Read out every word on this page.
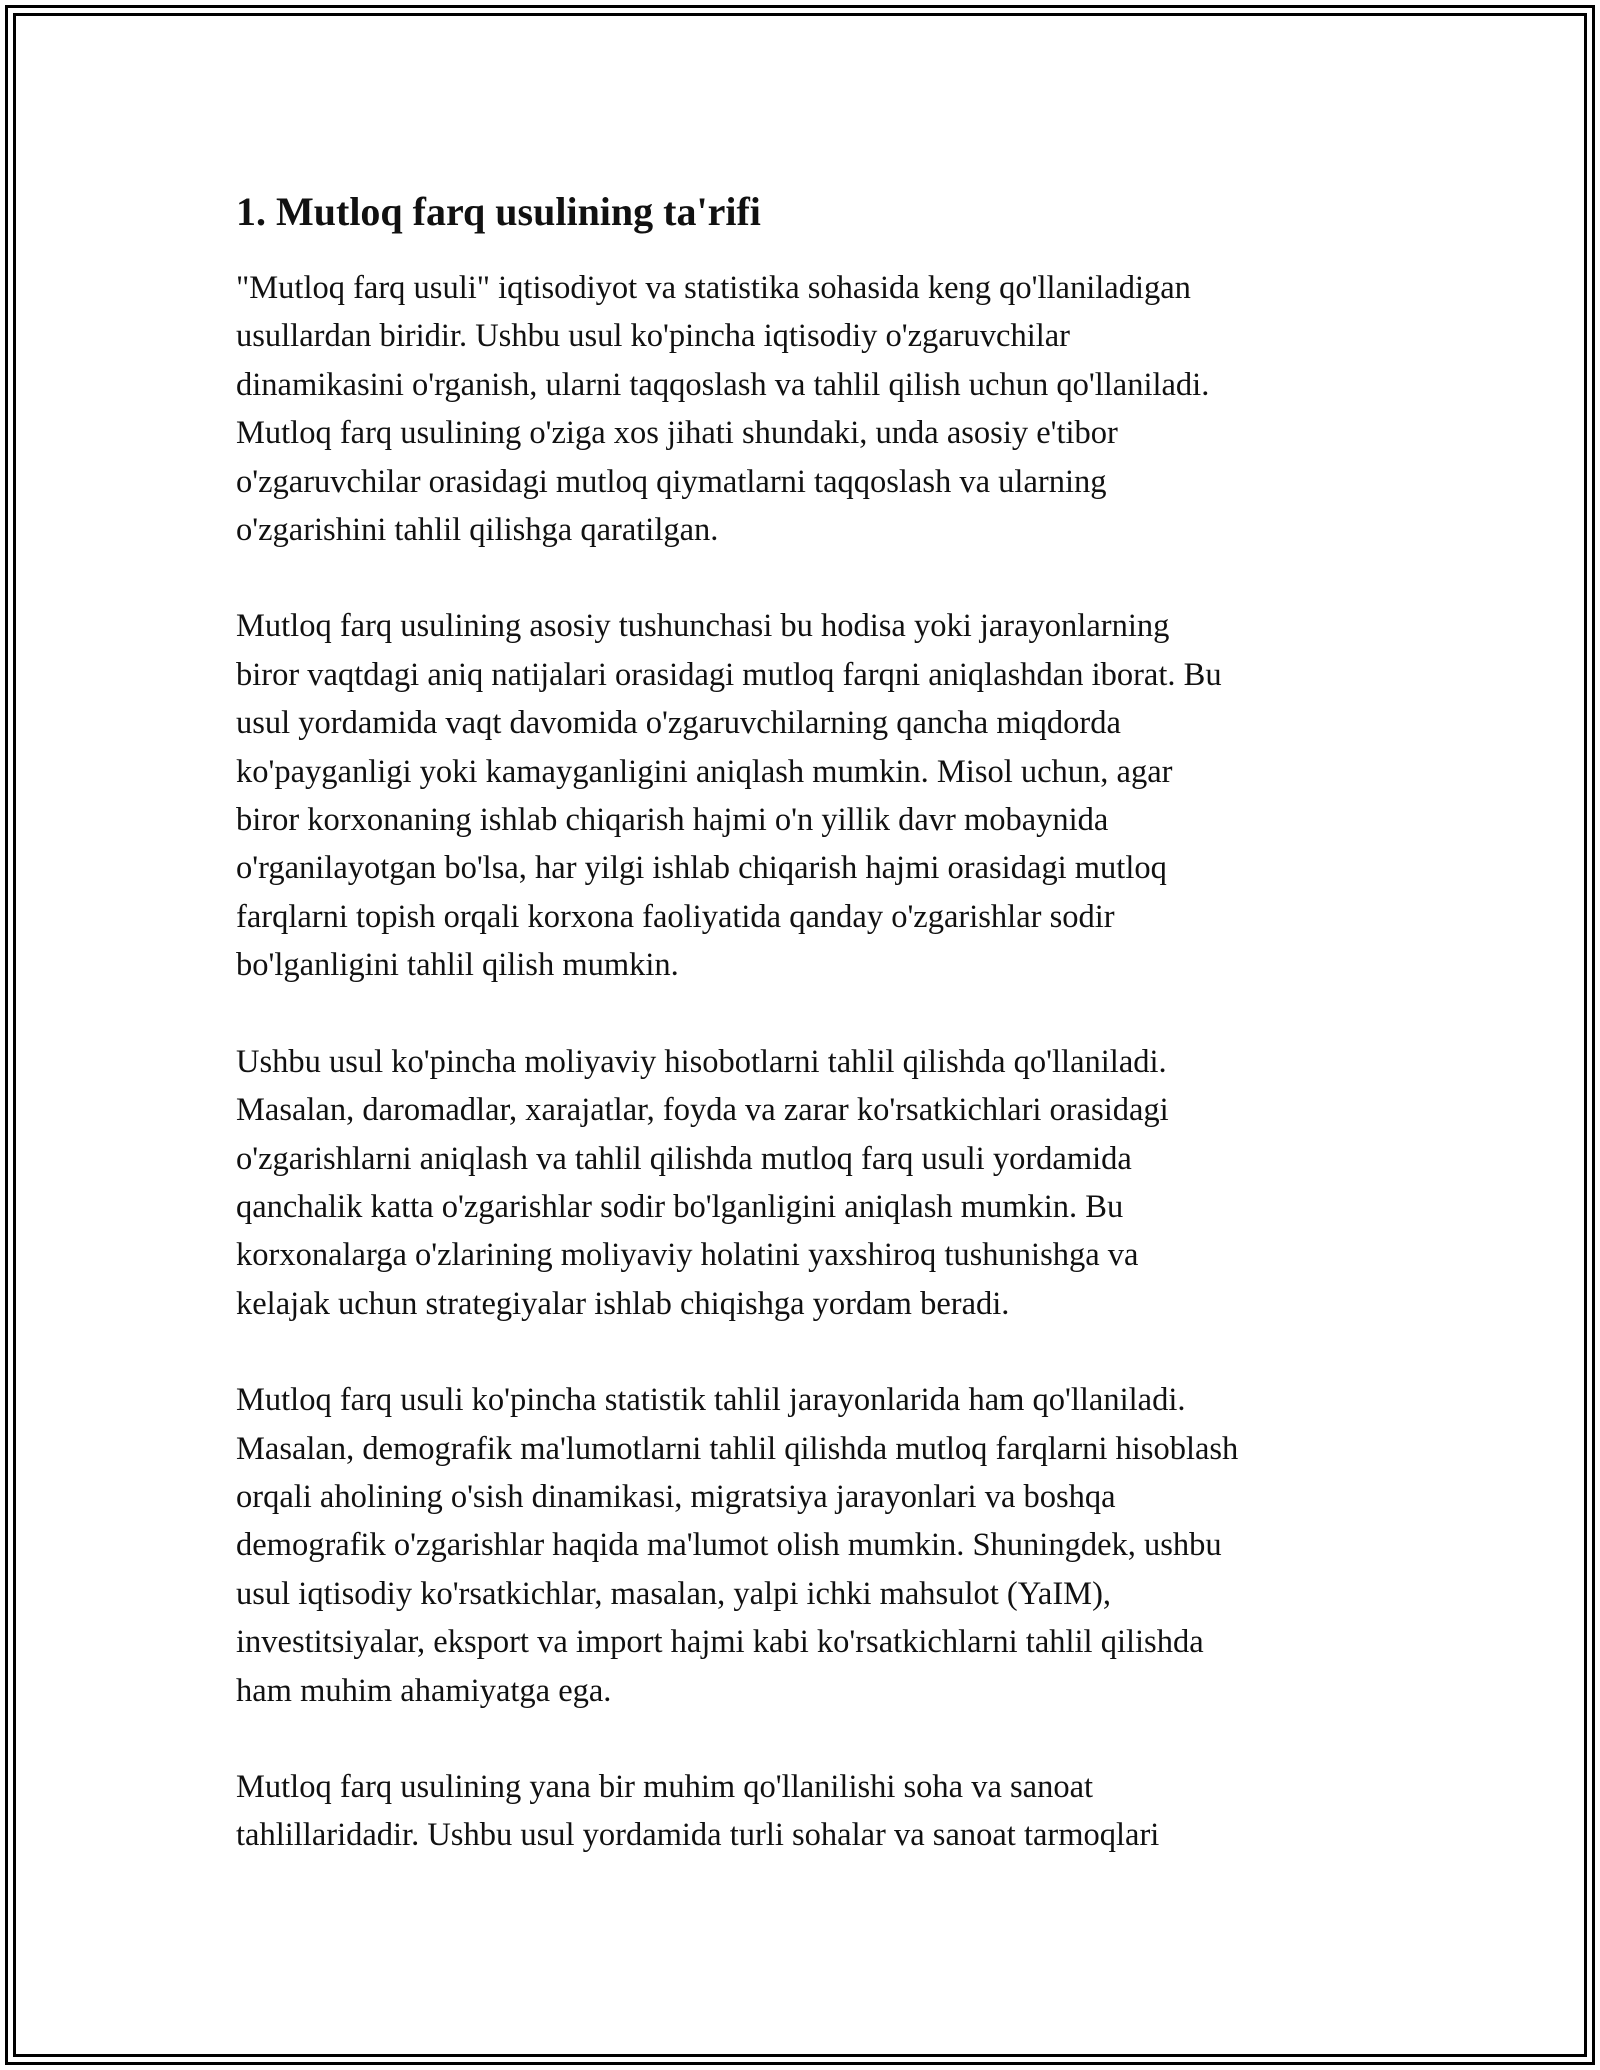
1. Mutloq farq usulining ta'rifi

"Mutloq farq usuli" iqtisodiyot va statistika sohasida keng qo'llaniladigan
usullardan biridir. Ushbu usul ko'pincha iqtisodiy o'zgaruvchilar
dinamikasini o'rganish, ularni taqqoslash va tahlil qilish uchun qo'llaniladi.
Mutloq farq usulining o'ziga xos jihati shundaki, unda asosiy e'tibor
o'zgaruvchilar orasidagi mutloq qiymatlarni taqqoslash va ularning
o'zgarishini tahlil qilishga qaratilgan.

Mutloq farq usulining asosiy tushunchasi bu hodisa yoki jarayonlarning
biror vaqtdagi aniq natijalari orasidagi mutloq farqni aniqlashdan iborat. Bu
usul yordamida vaqt davomida o'zgaruvchilarning qancha miqdorda
ko'payganligi yoki kamayganligini aniqlash mumkin. Misol uchun, agar
biror korxonaning ishlab chiqarish hajmi o'n yillik davr mobaynida
o'rganilayotgan bo'lsa, har yilgi ishlab chiqarish hajmi orasidagi mutloq
farqlarni topish orqali korxona faoliyatida qanday o'zgarishlar sodir
bo'lganligini tahlil qilish mumkin.

Ushbu usul ko'pincha moliyaviy hisobotlarni tahlil qilishda qo'llaniladi.
Masalan, daromadlar, xarajatlar, foyda va zarar ko'rsatkichlari orasidagi
o'zgarishlarni aniqlash va tahlil qilishda mutloq farq usuli yordamida
qanchalik katta o'zgarishlar sodir bo'lganligini aniqlash mumkin. Bu
korxonalarga o'zlarining moliyaviy holatini yaxshiroq tushunishga va
kelajak uchun strategiyalar ishlab chiqishga yordam beradi.

Mutloq farq usuli ko'pincha statistik tahlil jarayonlarida ham qo'llaniladi.
Masalan, demografik ma'lumotlarni tahlil qilishda mutloq farqlarni hisoblash
orqali aholining o'sish dinamikasi, migratsiya jarayonlari va boshqa
demografik o'zgarishlar haqida ma'lumot olish mumkin. Shuningdek, ushbu
usul iqtisodiy ko'rsatkichlar, masalan, yalpi ichki mahsulot (YaIM),
investitsiyalar, eksport va import hajmi kabi ko'rsatkichlarni tahlil qilishda
ham muhim ahamiyatga ega.

Mutloq farq usulining yana bir muhim qo'llanilishi soha va sanoat
tahlillaridadir. Ushbu usul yordamida turli sohalar va sanoat tarmoqlari
